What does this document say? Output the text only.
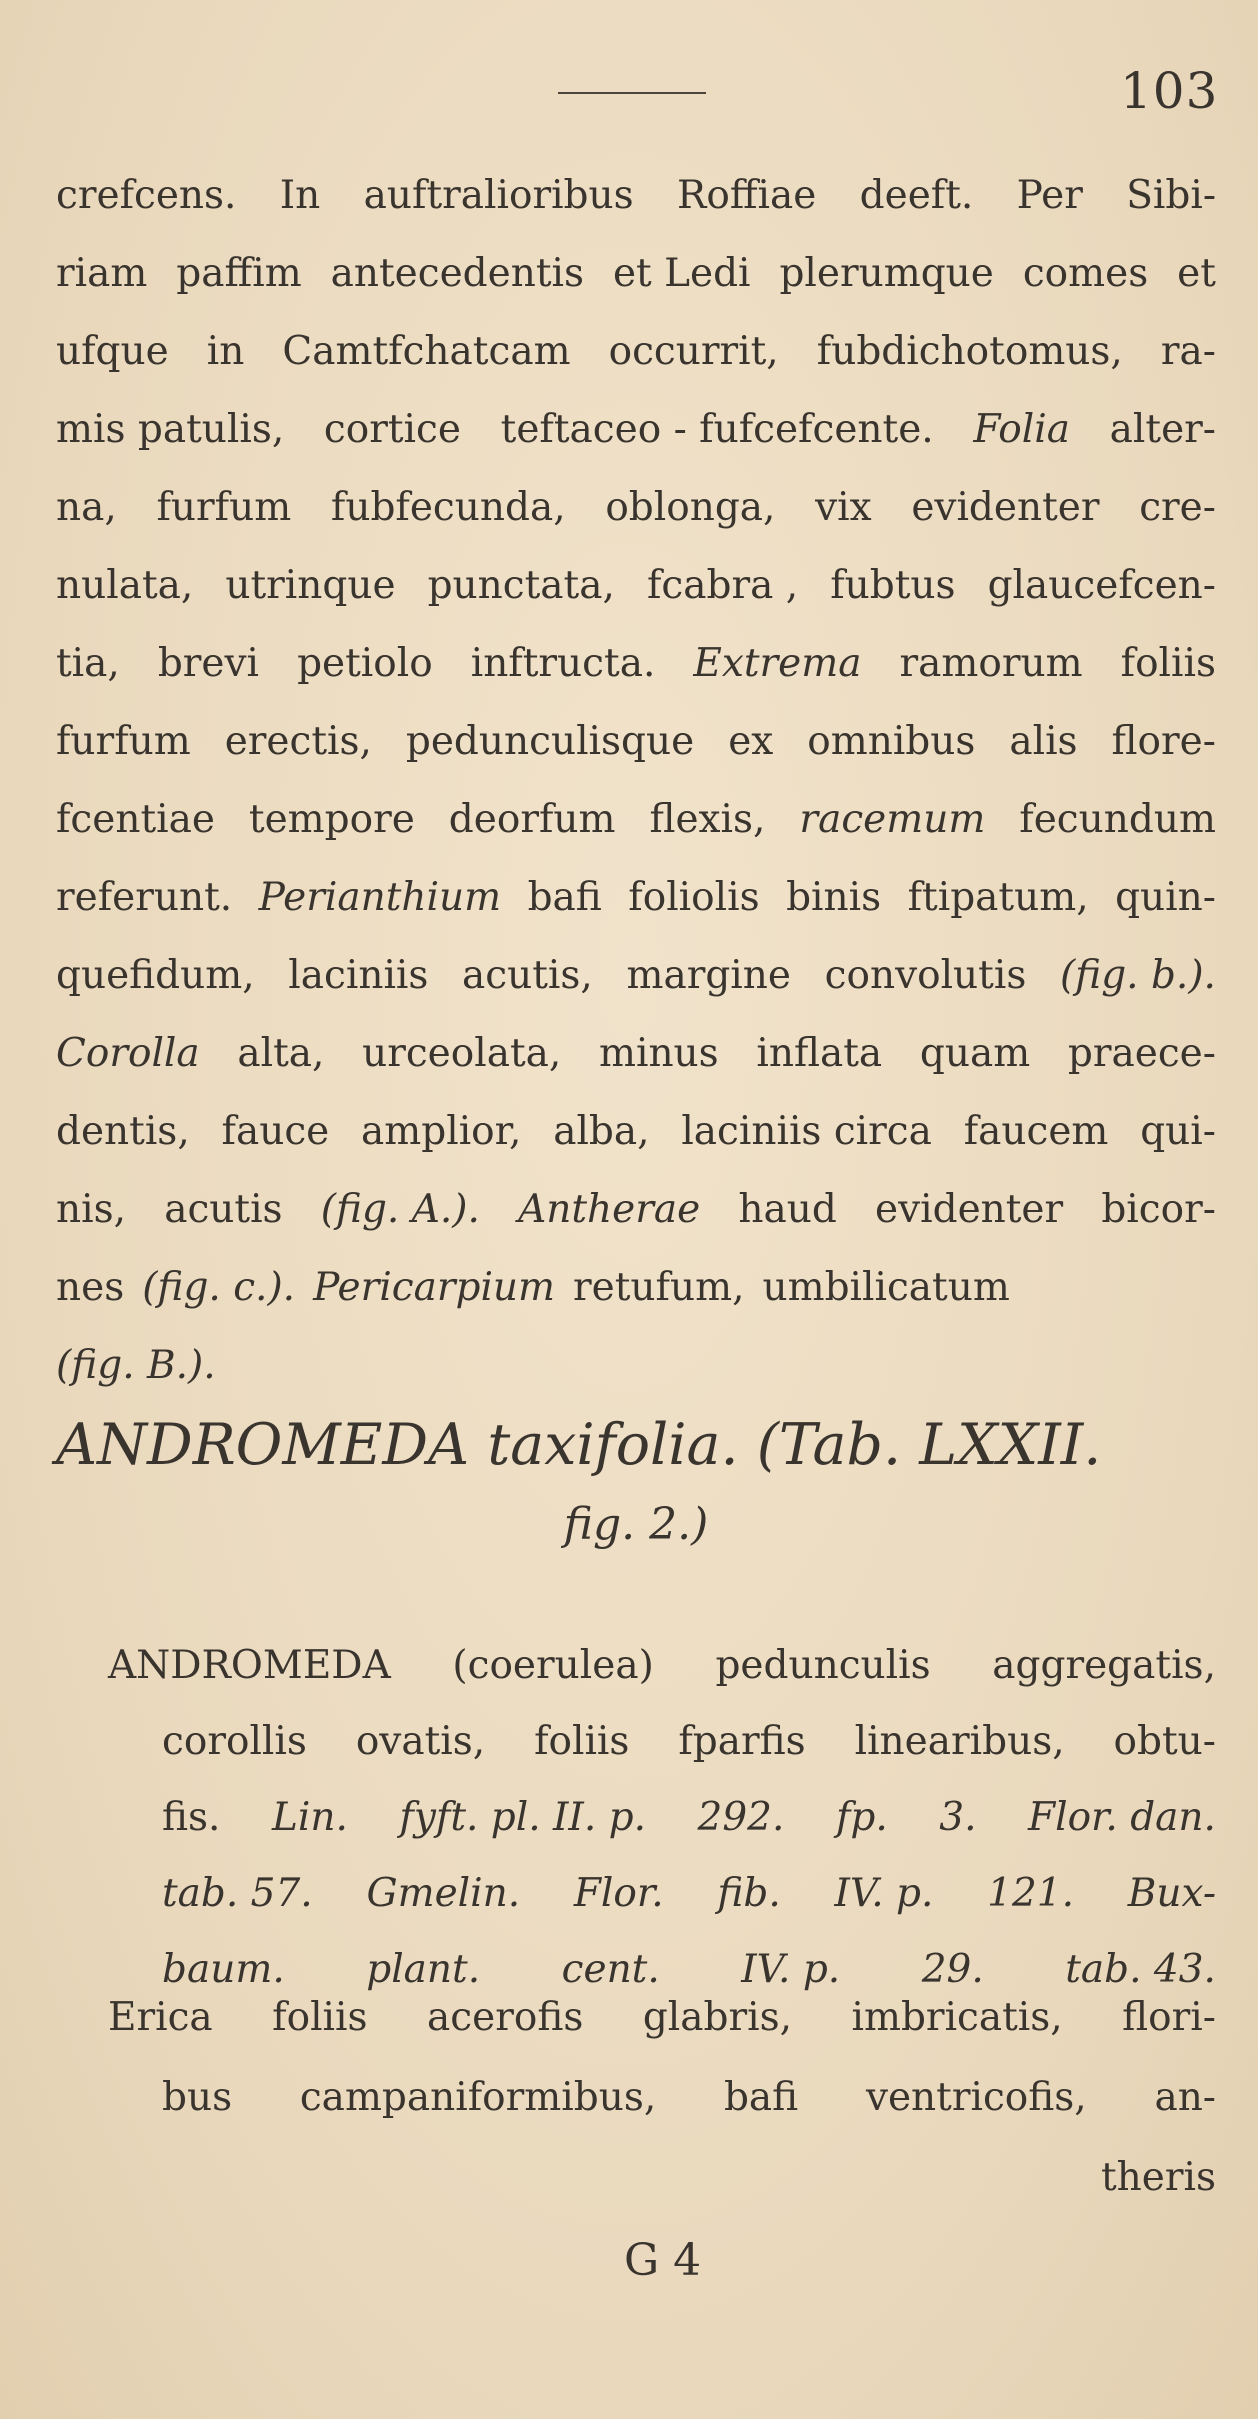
103
crefcens. In auftralioribus Roffiae deeft. Per Sibi-
riam paffim antecedentis et Ledi plerumque comes et
ufque in Camtfchatcam occurrit, fubdichotomus, ra-
mis patulis, cortice teftaceo - fufcefcente. Folia alter-
na, furfum fubfecunda, oblonga, vix evidenter cre-
nulata, utrinque punctata, fcabra , fubtus glaucefcen-
tia, brevi petiolo inftructa. Extrema ramorum foliis
furfum erectis, pedunculisque ex omnibus alis flore-
fcentiae tempore deorfum flexis, racemum fecundum
referunt. Perianthium bafi foliolis binis ftipatum, quin-
quefidum, laciniis acutis, margine convolutis (fig. b.).
Corolla alta, urceolata, minus inflata quam praece-
dentis, fauce amplior, alba, laciniis circa faucem qui-
nis, acutis (fig. A.). Antherae haud evidenter bicor-
nes (fig. c.). Pericarpium retufum, umbilicatum
(fig. B.).
ANDROMEDA taxifolia. (Tab. LXXII.
fig. 2.)
ANDROMEDA (coerulea) pedunculis aggregatis,
corollis ovatis, foliis fparfis linearibus, obtu-
fis. Lin. fyft. pl. II. p. 292. fp. 3. Flor. dan.
tab. 57. Gmelin. Flor. fib. IV. p. 121. Bux-
baum. plant. cent. IV. p. 29. tab. 43.
Erica foliis acerofis glabris, imbricatis, flori-
bus campaniformibus, bafi ventricofis, an-
theris
G 4
